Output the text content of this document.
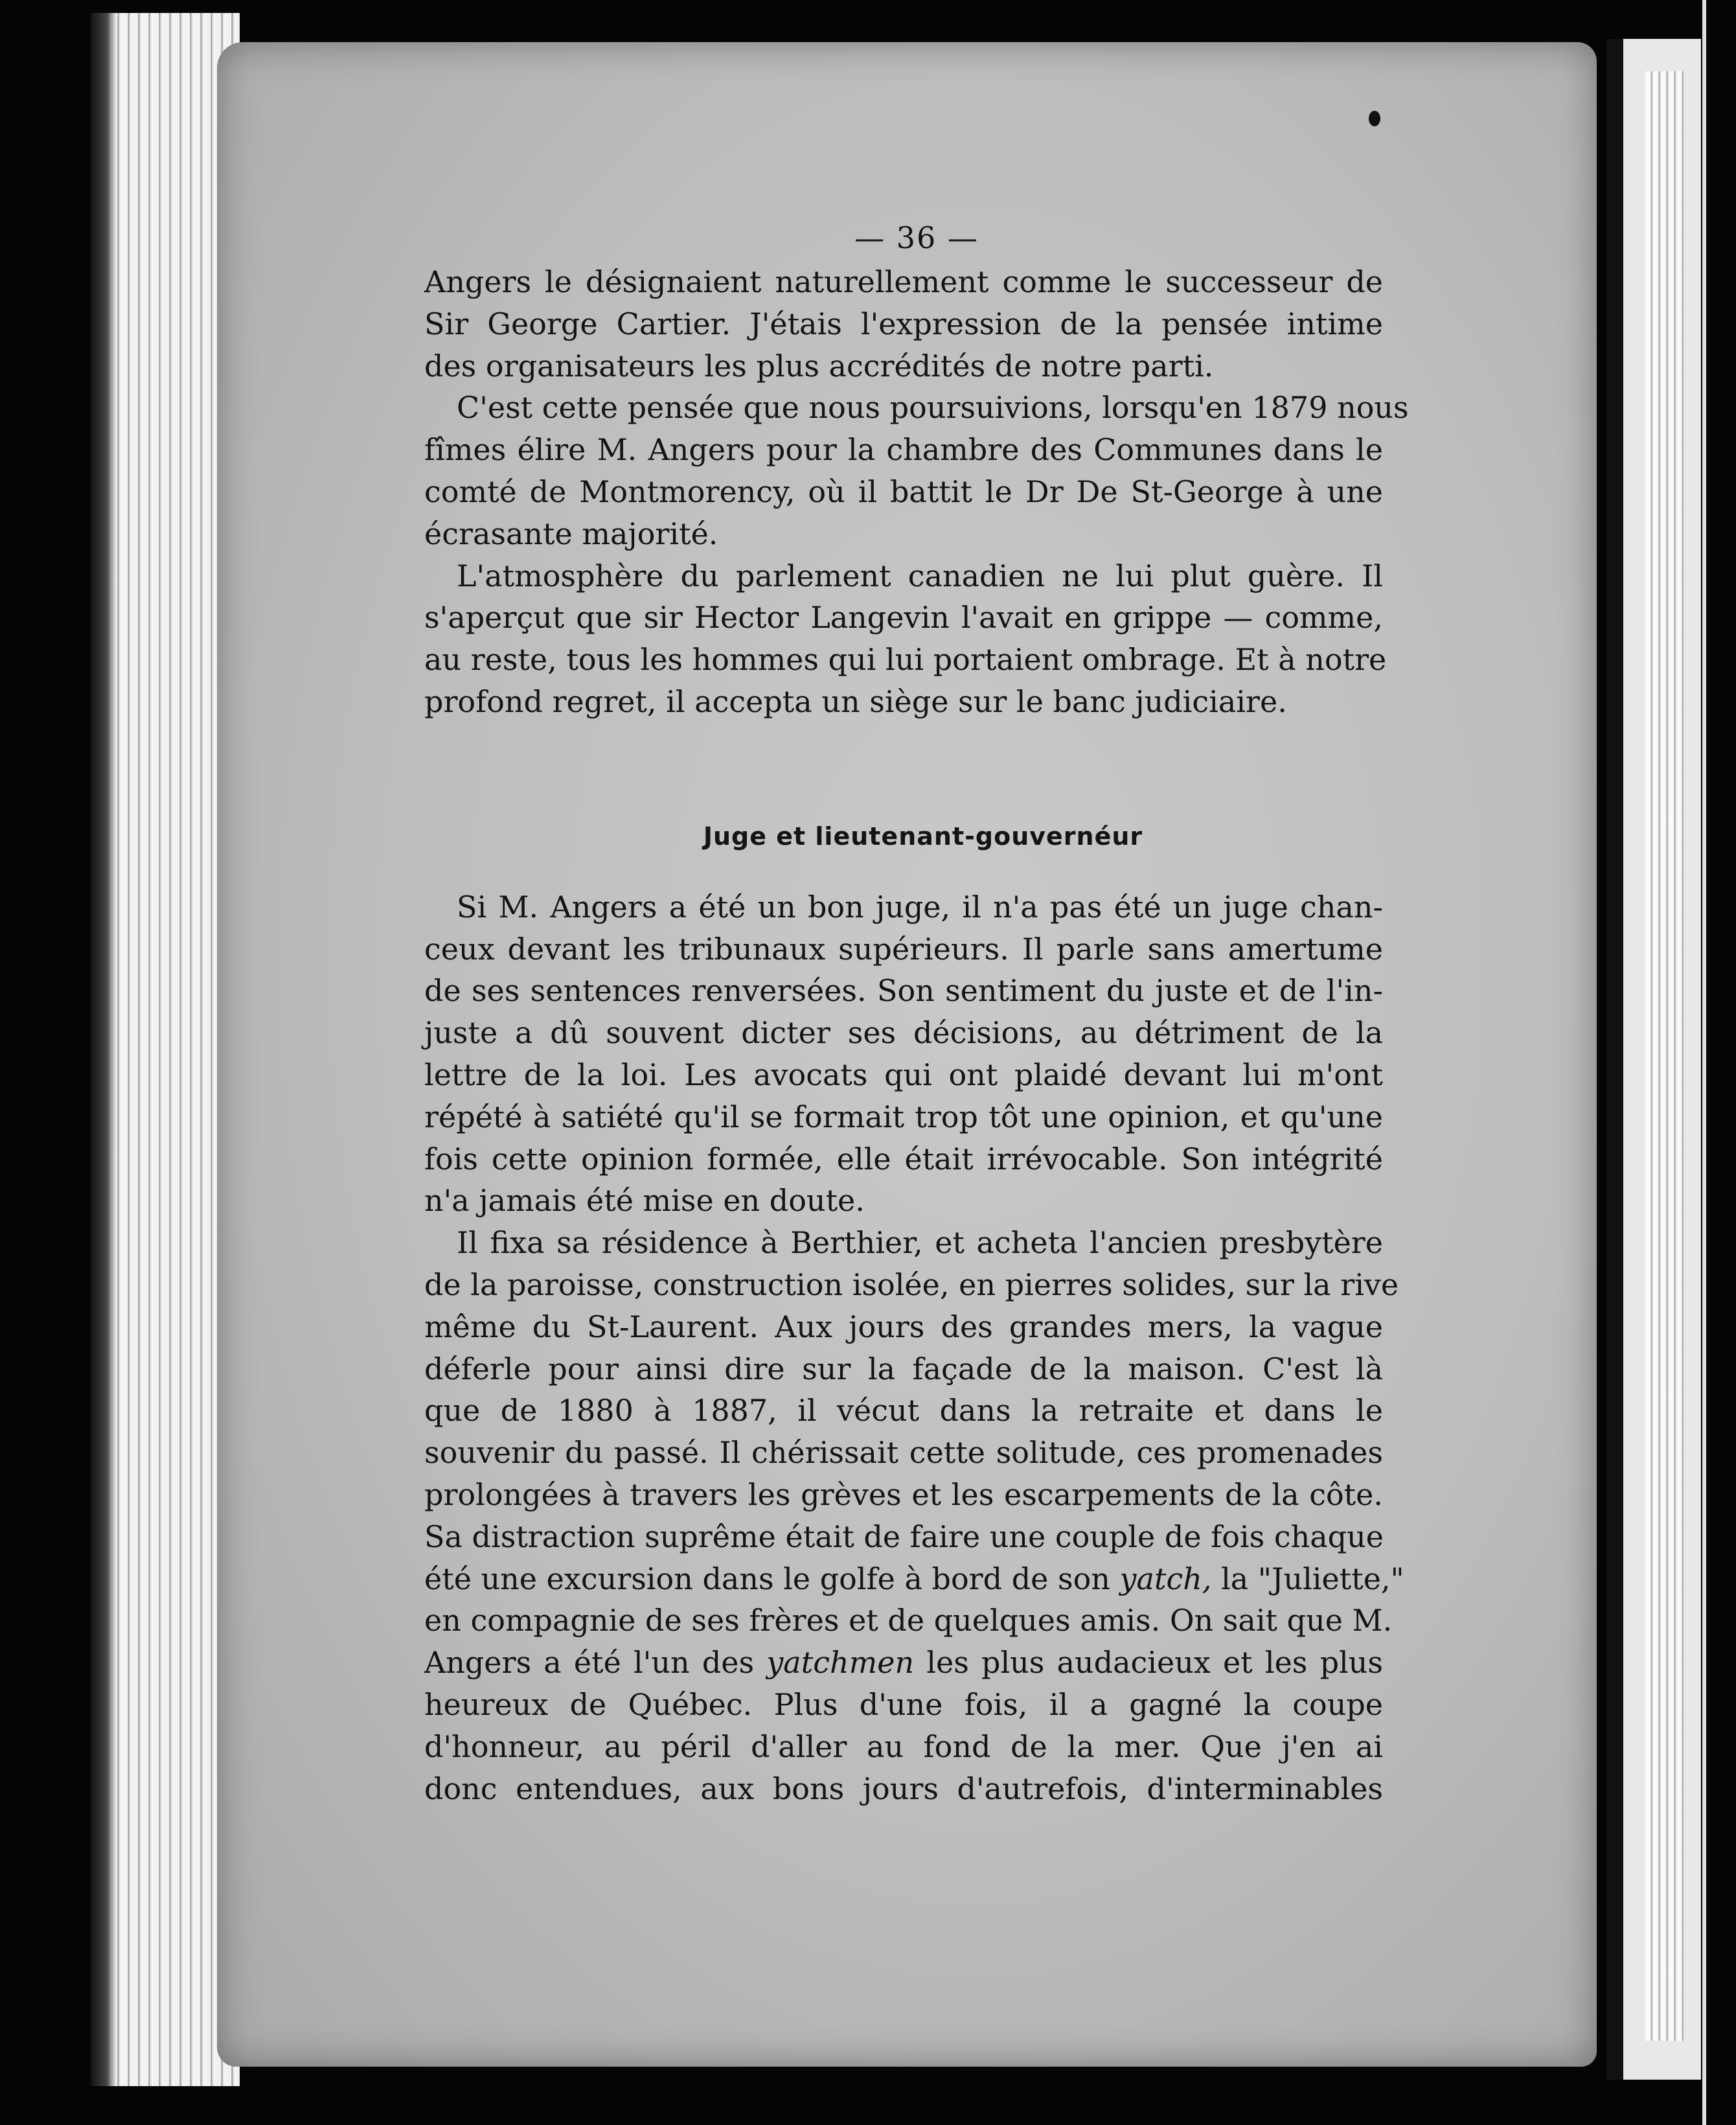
— 36 —

Angers le désignaient naturellement comme le successeur de
Sir George Cartier. J'étais l'expression de la pensée intime
des organisateurs les plus accrédités de notre parti.

C'est cette pensée que nous poursuivions, lorsqu'en 1879 nous
fîmes élire M. Angers pour la chambre des Communes dans le
comté de Montmorency, où il battit le Dr De St-George à une
écrasante majorité.

L'atmosphère du parlement canadien ne lui plut guère. Il
s'aperçut que sir Hector Langevin l'avait en grippe — comme,
au reste, tous les hommes qui lui portaient ombrage. Et à notre
profond regret, il accepta un siège sur le banc judiciaire.

Juge et lieutenant-gouvernéur

Si M. Angers a été un bon juge, il n'a pas été un juge chan-
ceux devant les tribunaux supérieurs. Il parle sans amertume
de ses sentences renversées. Son sentiment du juste et de l'in-
juste a dû souvent dicter ses décisions, au détriment de la
lettre de la loi. Les avocats qui ont plaidé devant lui m'ont
répété à satiété qu'il se formait trop tôt une opinion, et qu'une
fois cette opinion formée, elle était irrévocable. Son intégrité
n'a jamais été mise en doute.

Il fixa sa résidence à Berthier, et acheta l'ancien presbytère
de la paroisse, construction isolée, en pierres solides, sur la rive
même du St-Laurent. Aux jours des grandes mers, la vague
déferle pour ainsi dire sur la façade de la maison. C'est là
que de 1880 à 1887, il vécut dans la retraite et dans le
souvenir du passé. Il chérissait cette solitude, ces promenades
prolongées à travers les grèves et les escarpements de la côte.
Sa distraction suprême était de faire une couple de fois chaque
été une excursion dans le golfe à bord de son yatch, la "Juliette,"
en compagnie de ses frères et de quelques amis. On sait que M.
Angers a été l'un des yatchmen les plus audacieux et les plus
heureux de Québec. Plus d'une fois, il a gagné la coupe
d'honneur, au péril d'aller au fond de la mer. Que j'en ai
donc entendues, aux bons jours d'autrefois, d'interminables
